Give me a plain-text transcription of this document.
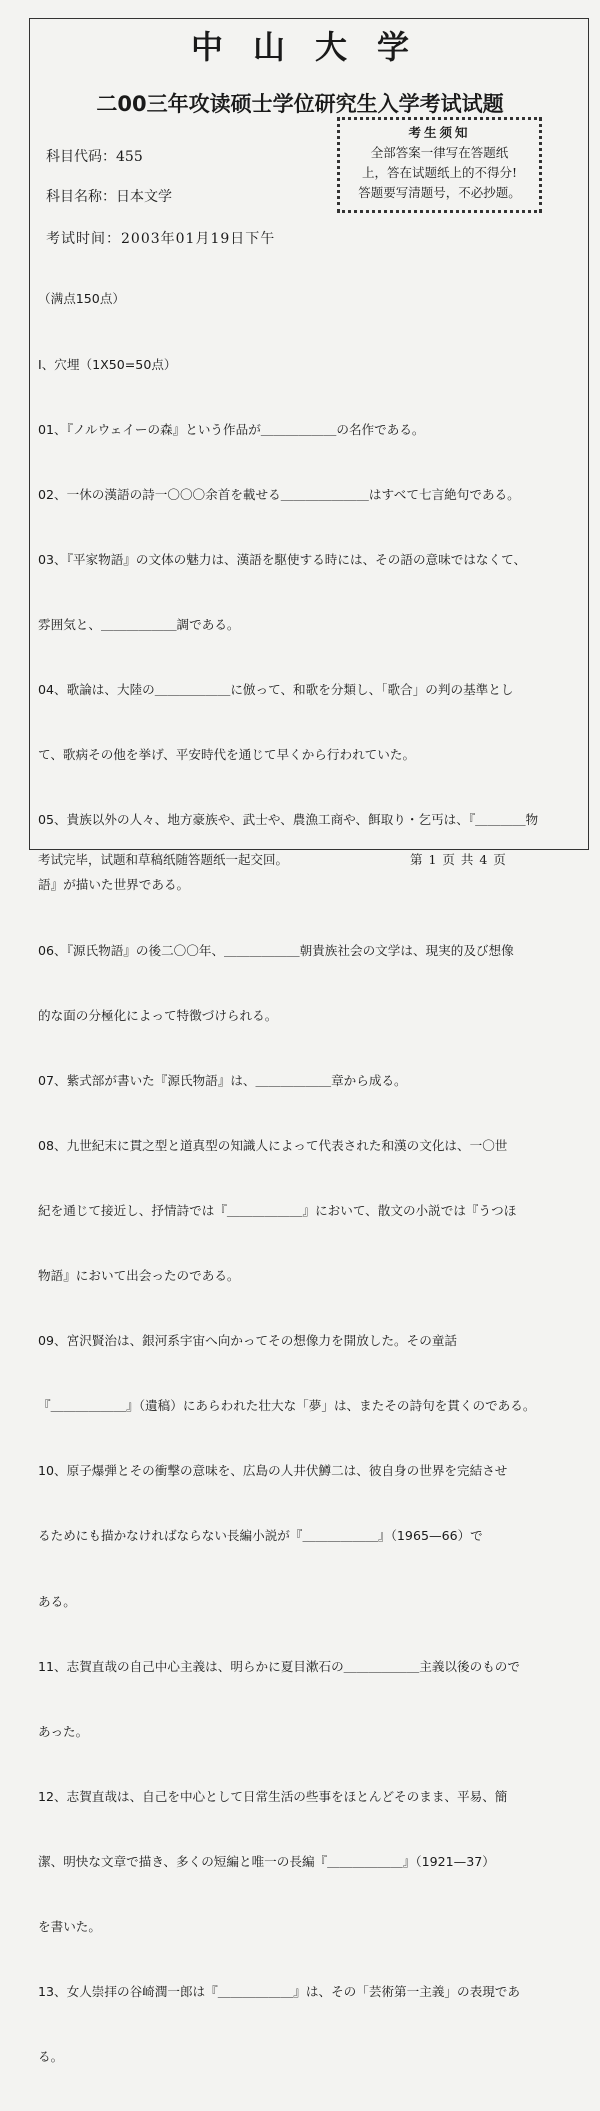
中山大学
二00三年攻读硕士学位研究生入学考试试题
考生须知
全部答案一律写在答题纸
上，答在试题纸上的不得分!
答题要写清题号，不必抄题。
科目代码：455
科目名称：日本文学
考试时间：2003年01月19日下午

（满点150点）

I、穴埋（1X50=50点）

01、『ノルウェイーの森』という作品が＿＿＿＿＿＿の名作である。

02、一休の漢語の詩一〇〇〇余首を載せる＿＿＿＿＿＿＿はすべて七言絶句である。

03、『平家物語』の文体の魅力は、漢語を駆使する時には、その語の意味ではなくて、

雰囲気と、＿＿＿＿＿＿調である。

04、歌論は、大陸の＿＿＿＿＿＿に倣って、和歌を分類し、「歌合」の判の基準とし

て、歌病その他を挙げ、平安時代を通じて早くから行われていた。

05、貴族以外の人々、地方豪族や、武士や、農漁工商や、餌取り・乞丐は、『＿＿＿＿物

語』が描いた世界である。

06、『源氏物語』の後二〇〇年、＿＿＿＿＿＿朝貴族社会の文学は、現実的及び想像

的な面の分極化によって特徴づけられる。

07、紫式部が書いた『源氏物語』は、＿＿＿＿＿＿章から成る。

08、九世紀末に貫之型と道真型の知識人によって代表された和漢の文化は、一〇世

紀を通じて接近し、抒情詩では『＿＿＿＿＿＿』において、散文の小説では『うつほ

物語』において出会ったのである。

09、宮沢賢治は、銀河系宇宙へ向かってその想像力を開放した。その童話

『＿＿＿＿＿＿』（遺稿）にあらわれた壮大な「夢」は、またその詩句を貫くのである。

10、原子爆弾とその衝撃の意味を、広島の人井伏鱒二は、彼自身の世界を完結させ

るためにも描かなければならない長編小説が『＿＿＿＿＿＿』（1965—66）で

ある。

11、志賀直哉の自己中心主義は、明らかに夏目漱石の＿＿＿＿＿＿主義以後のもので

あった。

12、志賀直哉は、自己を中心として日常生活の些事をほとんどそのまま、平易、簡

潔、明快な文章で描き、多くの短編と唯一の長編『＿＿＿＿＿＿』（1921—37）

を書いた。

13、女人崇拝の谷崎潤一郎は『＿＿＿＿＿＿』は、その「芸術第一主義」の表現であ

る。

考试完毕，试题和草稿纸随答题纸一起交回。	第 1 页 共 4 页
